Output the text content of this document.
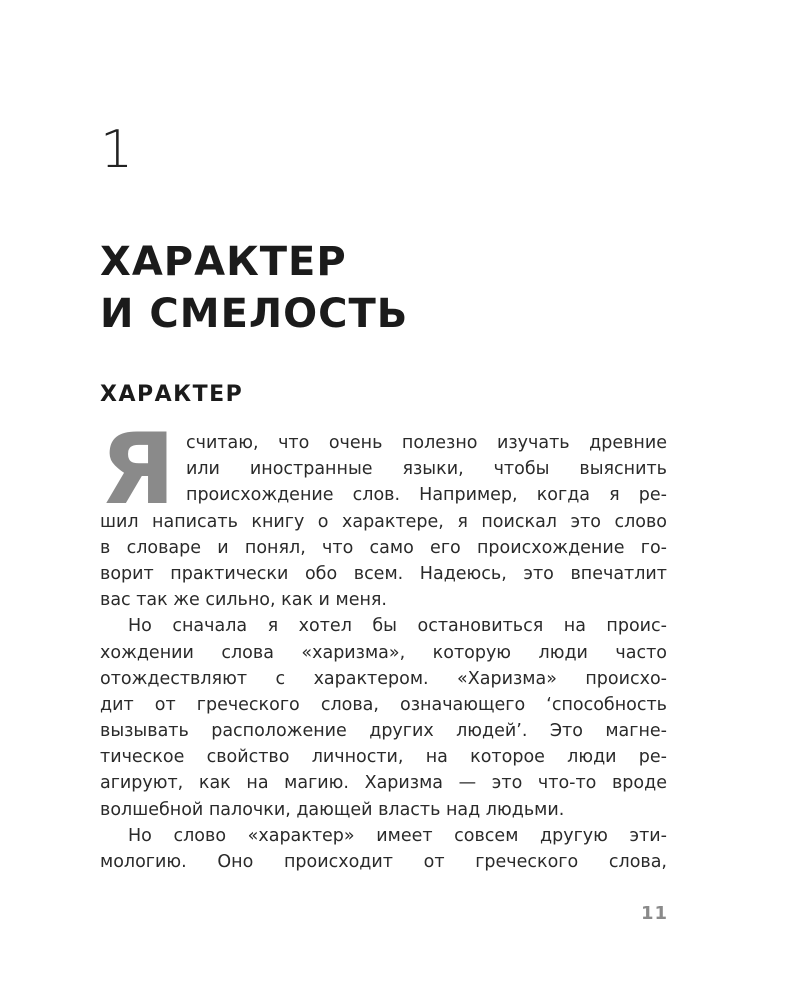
1
ХАРАКТЕР
И СМЕЛОСТЬ
ХАРАКТЕР
Я считаю, что очень полезно изучать древние
или иностранные языки, чтобы выяснить
происхождение слов. Например, когда я ре-
шил написать книгу о характере, я поискал это слово
в словаре и понял, что само его происхождение го-
ворит практически обо всем. Надеюсь, это впечатлит
вас так же сильно, как и меня.
Но сначала я хотел бы остановиться на проис-
хождении слова «харизма», которую люди часто
отождествляют с характером. «Харизма» происхо-
дит от греческого слова, означающего ‘способность
вызывать расположение других людей’. Это магне-
тическое свойство личности, на которое люди ре-
агируют, как на магию. Харизма — это что-то вроде
волшебной палочки, дающей власть над людьми.
Но слово «характер» имеет совсем другую эти-
мологию. Оно происходит от греческого слова,
11
